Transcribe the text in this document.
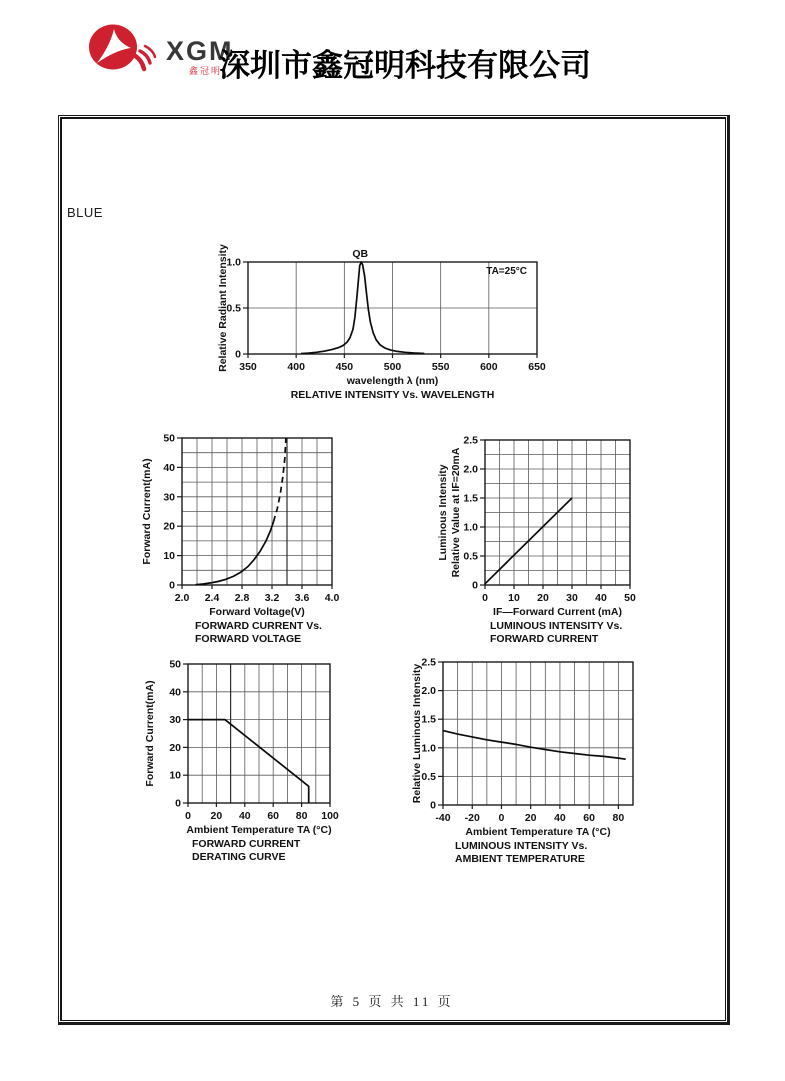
XGM
鑫冠明
深圳市鑫冠明科技有限公司
BLUE
350	400	450	500	550	600	650
0
0.5
1.0
Relative Radiant Intensity
wavelength λ (nm)
RELATIVE INTENSITY Vs. WAVELENGTH
TA=25°C
QB
2.0 2.4 2.8 3.2 3.6 4.0
0
10
20
30
40
50
Forward Current(mA)
Forward Voltage(V)
FORWARD CURRENT Vs.
FORWARD VOLTAGE
0 10 20 30 40 50
0
0.5
1.0
1.5
2.0
2.5
Luminous Intensity Relative Value at IF=20mA
IF—Forward Current (mA)
LUMINOUS INTENSITY Vs.
FORWARD CURRENT
0 20 40 60 80 100
0
10
20
30
40
50
Forward Current(mA)
Ambient Temperature TA (°C)
FORWARD CURRENT
DERATING CURVE
-40 -20 0 20 40 60 80
0
0.5
1.0
1.5
2.0
2.5
Relative Luminous Intensity
Ambient Temperature TA (°C)
LUMINOUS INTENSITY Vs.
AMBIENT TEMPERATURE
第 5 页 共 11 页
